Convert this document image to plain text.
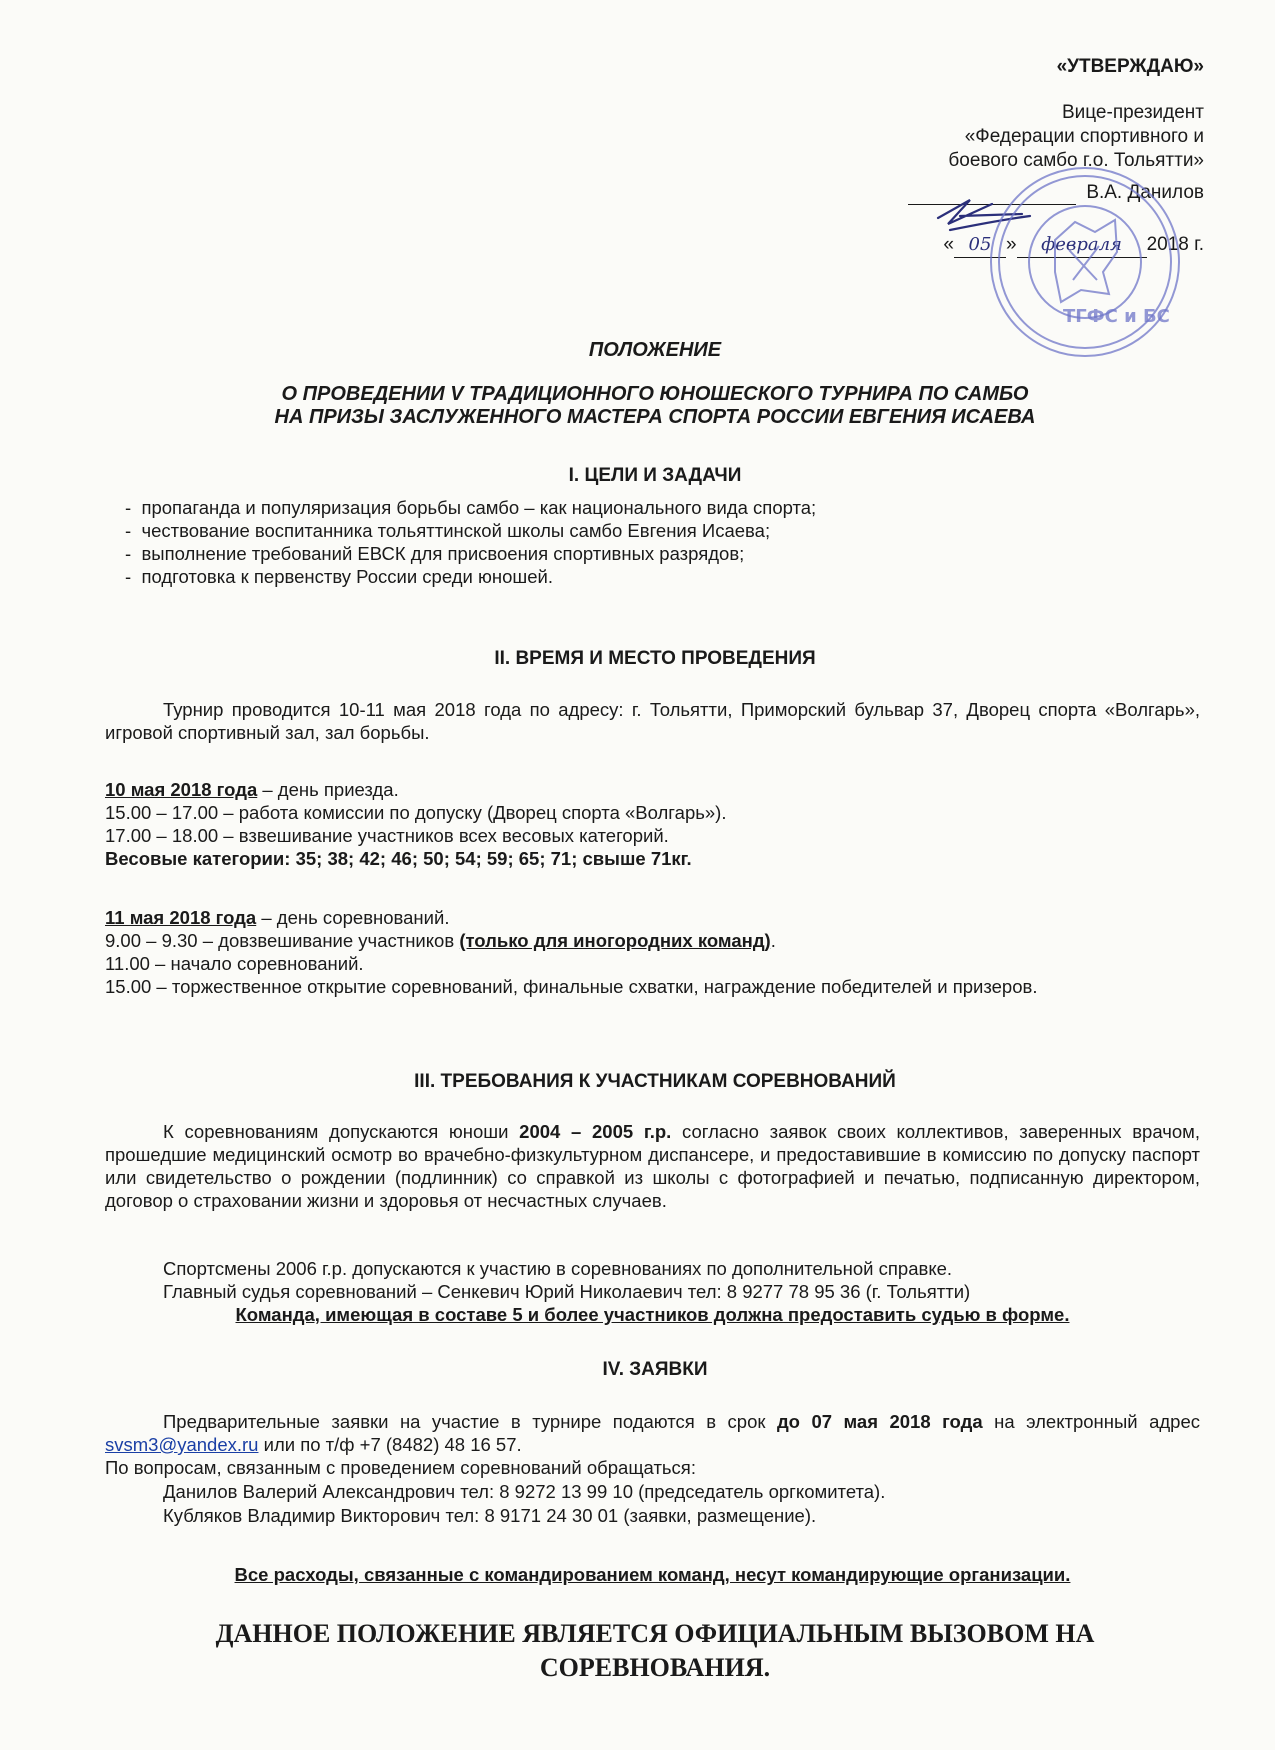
«УТВЕРЖДАЮ»
Вице-президент
«Федерации спортивного и
боевого самбо г.о. Тольятти»
В.А. Данилов
« 05 » февраля 2018 г.
ТГФС и БС
ПОЛОЖЕНИЕ
О ПРОВЕДЕНИИ V ТРАДИЦИОННОГО ЮНОШЕСКОГО ТУРНИРА ПО САМБО
НА ПРИЗЫ ЗАСЛУЖЕННОГО МАСТЕРА СПОРТА РОССИИ ЕВГЕНИЯ ИСАЕВА
I. ЦЕЛИ И ЗАДАЧИ
- пропаганда и популяризация борьбы самбо – как национального вида спорта;
- чествование воспитанника тольяттинской школы самбо Евгения Исаева;
- выполнение требований ЕВСК для присвоения спортивных разрядов;
- подготовка к первенству России среди юношей.
II. ВРЕМЯ И МЕСТО ПРОВЕДЕНИЯ
Турнир проводится 10-11 мая 2018 года по адресу: г. Тольятти, Приморский бульвар 37, Дворец спорта «Волгарь», игровой спортивный зал, зал борьбы.
10 мая 2018 года – день приезда.
15.00 – 17.00 – работа комиссии по допуску (Дворец спорта «Волгарь»).
17.00 – 18.00 – взвешивание участников всех весовых категорий.
Весовые категории: 35; 38; 42; 46; 50; 54; 59; 65; 71; свыше 71кг.
11 мая 2018 года – день соревнований.
9.00 – 9.30 – довзвешивание участников (только для иногородних команд).
11.00 – начало соревнований.
15.00 – торжественное открытие соревнований, финальные схватки, награждение победителей и призеров.
III. ТРЕБОВАНИЯ К УЧАСТНИКАМ СОРЕВНОВАНИЙ
К соревнованиям допускаются юноши 2004 – 2005 г.р. согласно заявок своих коллективов, заверенных врачом, прошедшие медицинский осмотр во врачебно-физкультурном диспансере, и предоставившие в комиссию по допуску паспорт или свидетельство о рождении (подлинник) со справкой из школы с фотографией и печатью, подписанную директором, договор о страховании жизни и здоровья от несчастных случаев.
Спортсмены 2006 г.р. допускаются к участию в соревнованиях по дополнительной справке.
Главный судья соревнований – Сенкевич Юрий Николаевич тел: 8 9277 78 95 36 (г. Тольятти)
Команда, имеющая в составе 5 и более участников должна предоставить судью в форме.
IV. ЗАЯВКИ
Предварительные заявки на участие в турнире подаются в срок до 07 мая 2018 года на электронный адрес svsm3@yandex.ru или по т/ф +7 (8482) 48 16 57.
По вопросам, связанным с проведением соревнований обращаться:
Данилов Валерий Александрович тел: 8 9272 13 99 10 (председатель оргкомитета).
Кубляков Владимир Викторович тел: 8 9171 24 30 01 (заявки, размещение).
Все расходы, связанные с командированием команд, несут командирующие организации.
ДАННОЕ ПОЛОЖЕНИЕ ЯВЛЯЕТСЯ ОФИЦИАЛЬНЫМ ВЫЗОВОМ НА
СОРЕВНОВАНИЯ.
